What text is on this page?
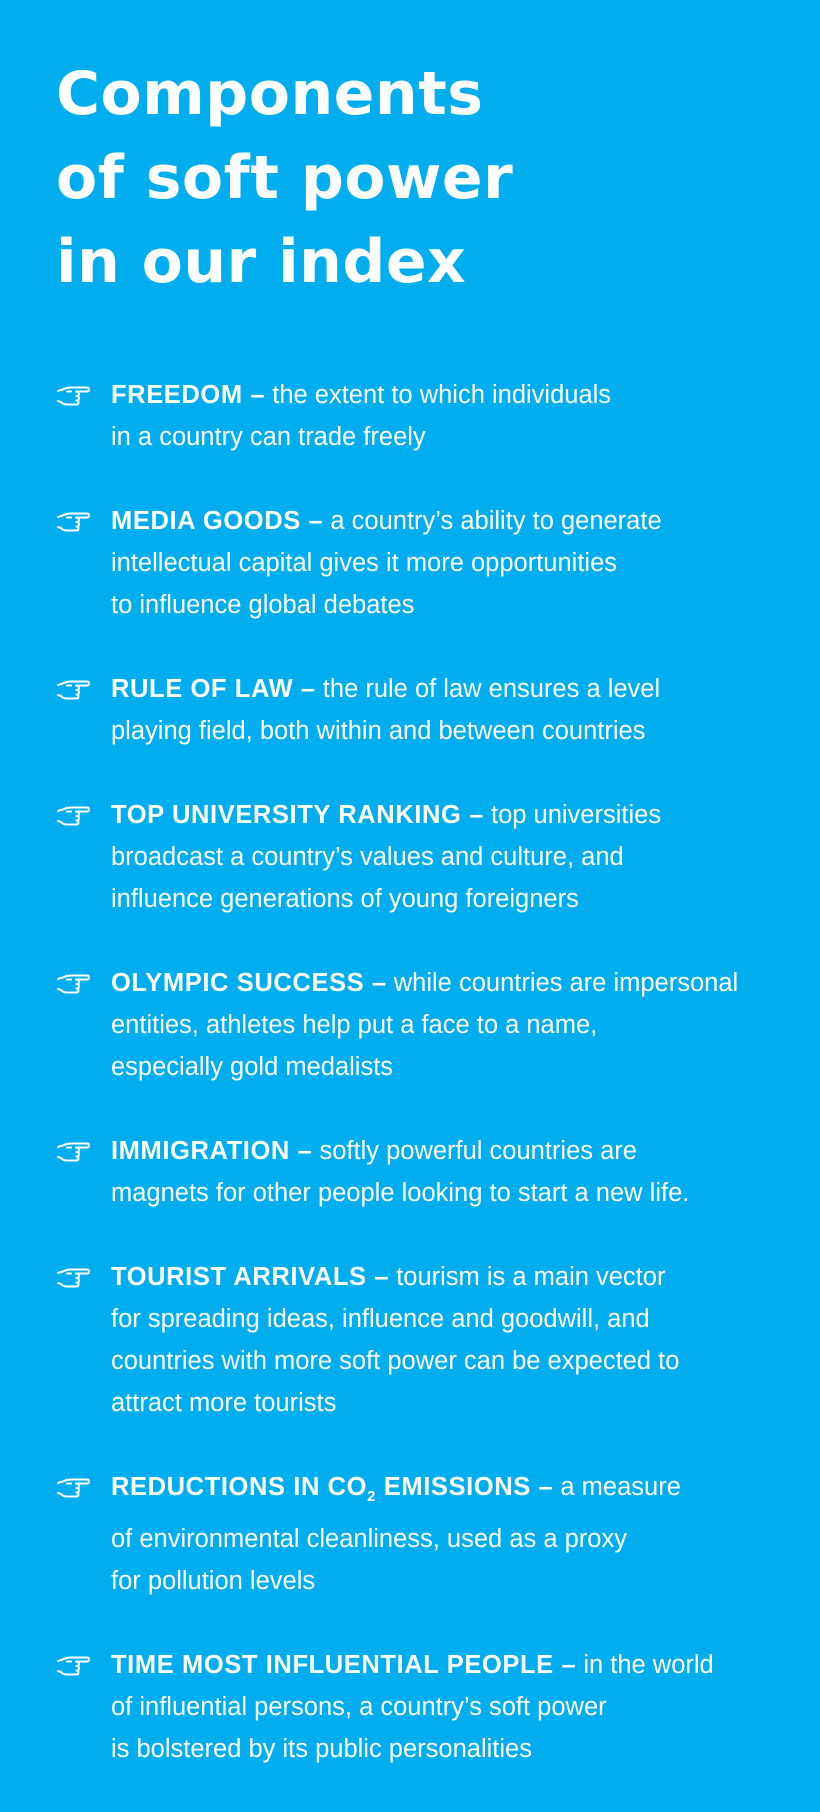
Components
of soft power
in our index
FREEDOM – the extent to which individuals
in a country can trade freely
MEDIA GOODS – a country’s ability to generate
intellectual capital gives it more opportunities
to influence global debates
RULE OF LAW – the rule of law ensures a level
playing field, both within and between countries
TOP UNIVERSITY RANKING – top universities
broadcast a country’s values and culture, and
influence generations of young foreigners
OLYMPIC SUCCESS – while countries are impersonal
entities, athletes help put a face to a name,
especially gold medalists
IMMIGRATION – softly powerful countries are
magnets for other people looking to start a new life.
TOURIST ARRIVALS – tourism is a main vector
for spreading ideas, influence and goodwill, and
countries with more soft power can be expected to
attract more tourists
REDUCTIONS IN $CO_2$ EMISSIONS – a measure
of environmental cleanliness, used as a proxy
for pollution levels
TIME MOST INFLUENTIAL PEOPLE – in the world
of influential persons, a country’s soft power
is bolstered by its public personalities
